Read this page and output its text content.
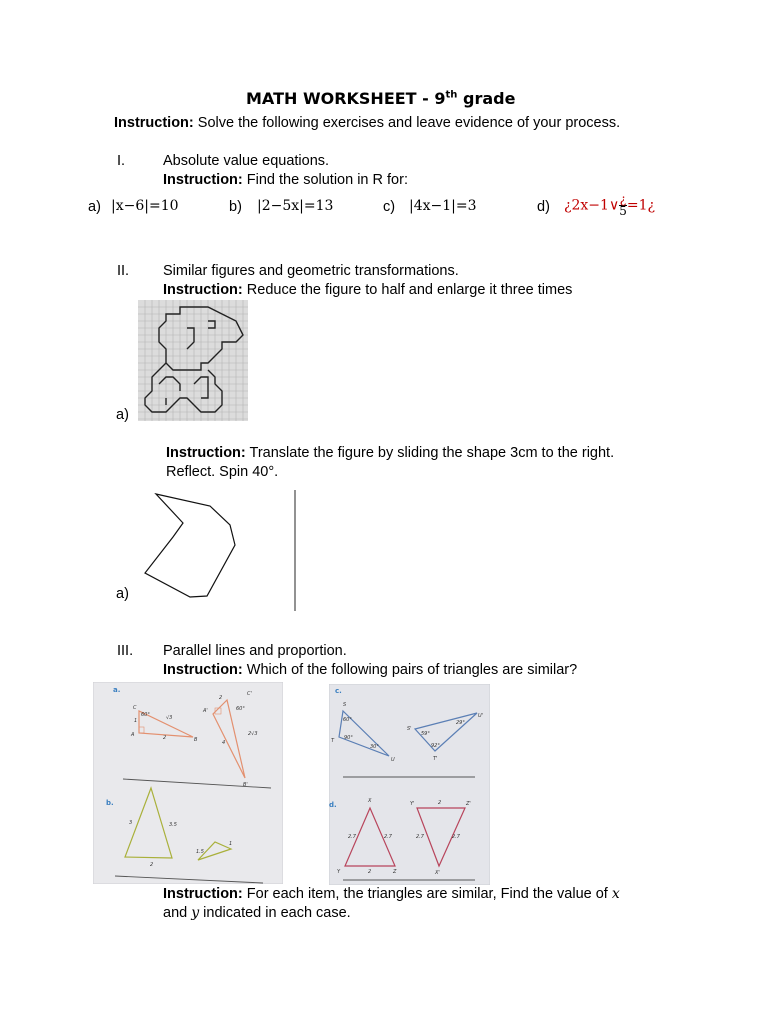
MATH WORKSHEET - 9th grade
Instruction: Solve the following exercises and leave evidence of your process.
I.	Absolute value equations.
Instruction: Find the solution in R for:
a) |x−6|=10	b) |2−5x|=13	c) |4x−1|=3	d) ¿2x−1∨ $\frac{¿}{5}$ =1¿
II. Similar figures and geometric transformations.
Instruction: Reduce the figure to half and enlarge it three times
a)
Instruction: Translate the figure by sliding the shape 3cm to the right.
Reflect. Spin 40°.
a)
III. Parallel lines and proportion.
Instruction: Which of the following pairs of triangles are similar?
a.
C
A
B
1	√3
2
60°
C'
A'
B'
2
4
2√3
60°
b.
3	3.5
2
1.5
1
c.
S
T
U
60°
90°
30°
S'
T'
U'
59°
92°
29°
d.	X
Y	Z
2
2.7	2.7
Y'	Z'
X'
2
2.7	2.7
Instruction: For each item, the triangles are similar, Find the value of x
and y indicated in each case.
